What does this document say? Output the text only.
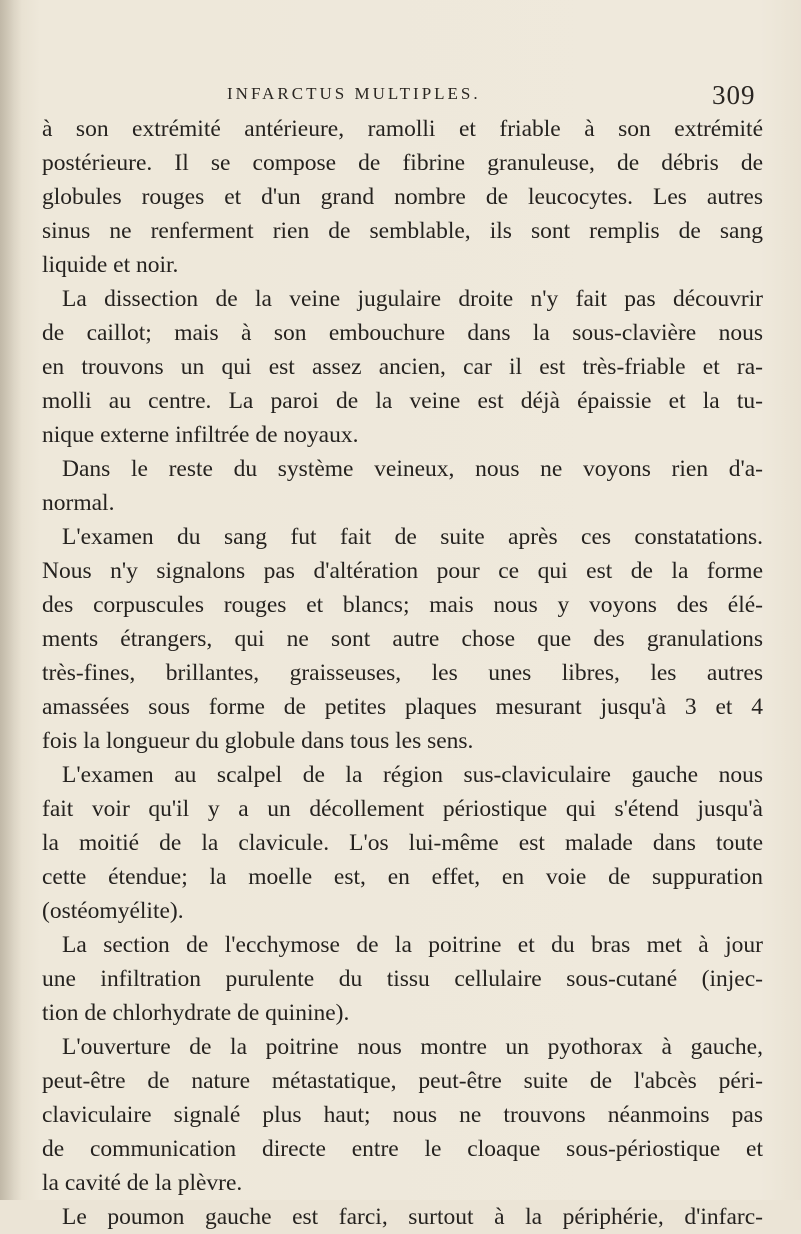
INFARCTUS MULTIPLES.	309
à son extrémité antérieure, ramolli et friable à son extrémité
postérieure. Il se compose de fibrine granuleuse, de débris de
globules rouges et d'un grand nombre de leucocytes. Les autres
sinus ne renferment rien de semblable, ils sont remplis de sang
liquide et noir.
La dissection de la veine jugulaire droite n'y fait pas découvrir
de caillot; mais à son embouchure dans la sous-clavière nous
en trouvons un qui est assez ancien, car il est très-friable et ra-
molli au centre. La paroi de la veine est déjà épaissie et la tu-
nique externe infiltrée de noyaux.
Dans le reste du système veineux, nous ne voyons rien d'a-
normal.
L'examen du sang fut fait de suite après ces constatations.
Nous n'y signalons pas d'altération pour ce qui est de la forme
des corpuscules rouges et blancs; mais nous y voyons des élé-
ments étrangers, qui ne sont autre chose que des granulations
très-fines, brillantes, graisseuses, les unes libres, les autres
amassées sous forme de petites plaques mesurant jusqu'à 3 et 4
fois la longueur du globule dans tous les sens.
L'examen au scalpel de la région sus-claviculaire gauche nous
fait voir qu'il y a un décollement périostique qui s'étend jusqu'à
la moitié de la clavicule. L'os lui-même est malade dans toute
cette étendue; la moelle est, en effet, en voie de suppuration
(ostéomyélite).
La section de l'ecchymose de la poitrine et du bras met à jour
une infiltration purulente du tissu cellulaire sous-cutané (injec-
tion de chlorhydrate de quinine).
L'ouverture de la poitrine nous montre un pyothorax à gauche,
peut-être de nature métastatique, peut-être suite de l'abcès péri-
claviculaire signalé plus haut; nous ne trouvons néanmoins pas
de communication directe entre le cloaque sous-périostique et
la cavité de la plèvre.
Le poumon gauche est farci, surtout à la périphérie, d'infarc-
